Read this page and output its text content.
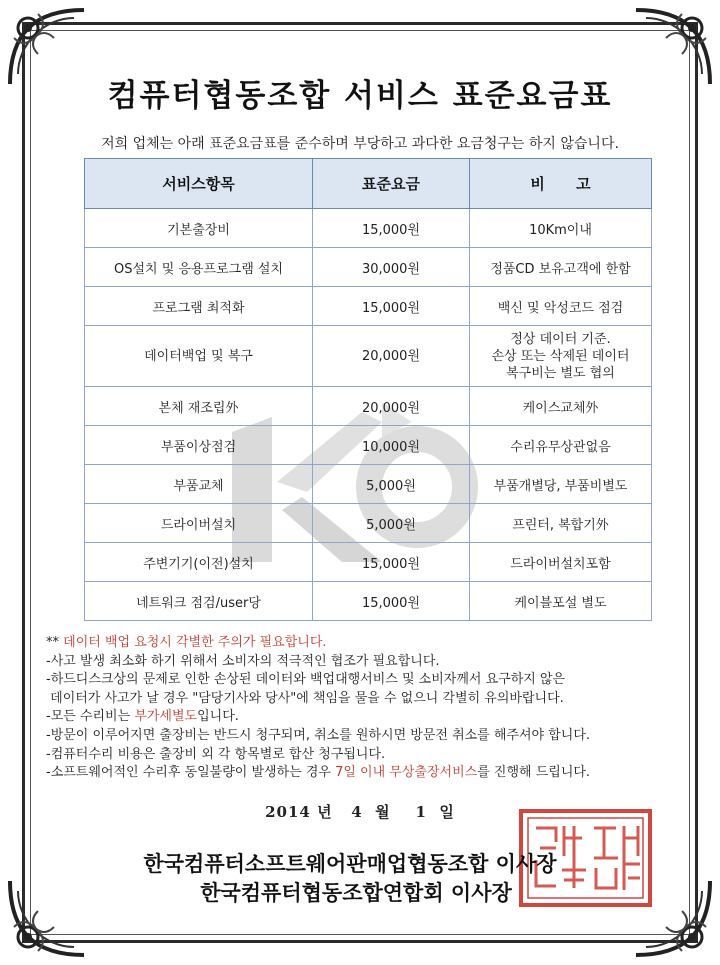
컴퓨터협동조합 서비스 표준요금표
저희 업체는 아래 표준요금표를 준수하며 부당하고 과다한 요금청구는 하지 않습니다.
서비스항목	표준요금	비      고
기본출장비	15,000원	10Km이내
OS설치 및 응용프로그램 설치	30,000원	정품CD 보유고객에 한함
프로그램 최적화	15,000원	백신 및 악성코드 점검
데이터백업 및 복구	20,000원	정상 데이터 기준.
손상 또는 삭제된 데이터
복구비는 별도 협의

본체 재조립外	20,000원	케이스교체外
부품이상점검	10,000원	수리유무상관없음
부품교체	5,000원	부품개별당, 부품비별도
드라이버설치	5,000원	프린터, 복합기外
주변기기(이전)설치	15,000원	드라이버설치포함
네트워크 점검/user당	15,000원	케이블포설 별도
** 데이터 백업 요청시 각별한 주의가 필요합니다.
-사고 발생 최소화 하기 위해서 소비자의 적극적인 협조가 필요합니다.
-하드디스크상의 문제로 인한 손상된 데이터와 백업대행서비스 및 소비자께서 요구하지 않은
데이터가 사고가 날 경우 "담당기사와 당사"에 책임을 물을 수 없으니 각별히 유의바랍니다.
-모든 수리비는 부가세별도입니다.
-방문이 이루어지면 출장비는 반드시 청구되며, 취소를 원하시면 방문전 취소를 해주셔야 합니다.
-컴퓨터수리 비용은 출장비 외 각 항목별로 합산 청구됩니다.
-소프트웨어적인 수리후 동일불량이 발생하는 경우 7일 이내 무상출장서비스를 진행해 드립니다.
2014 년   4  월    1  일
한국컴퓨터소프트웨어판매업협동조합 이사장
한국컴퓨터협동조합연합회 이사장
